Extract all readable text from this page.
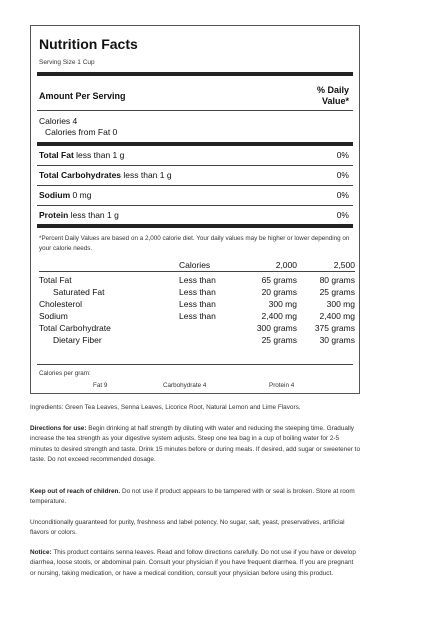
Nutrition Facts
Serving Size 1 Cup
Amount Per Serving
% Daily
Value*
Calories 4
Calories from Fat 0
Total Fat less than 1 g	0%
Total Carbohydrates less than 1 g	0%
Sodium 0 mg	0%
Protein less than 1 g	0%
*Percent Daily Values are based on a 2,000 calorie diet. Your daily values may be higher or lower depending on your calorie needs.
	Calories	2,000	2,500

Total Fat	Less than	65 grams	80 grams
Saturated Fat	Less than	20 grams	25 grams
Cholesterol	Less than	300 mg	300 mg
Sodium	Less than	2,400 mg	2,400 mg
Total Carbohydrate		300 grams	375 grams
Dietary Fiber		25 grams	30 grams
Calories per gram:
Fat 9	Carbohydrate 4	Protein 4
Ingredients: Green Tea Leaves, Senna Leaves, Licorice Root, Natural Lemon and Lime Flavors.
Directions for use: Begin drinking at half strength by diluting with water and reducing the steeping time. Gradually increase the tea strength as your digestive system adjusts. Steep one tea bag in a cup of boiling water for 2-5 minutes to desired strength and taste. Drink 15 minutes before or during meals. If desired, add sugar or sweetener to taste. Do not exceed recommended dosage.
Keep out of reach of children. Do not use if product appears to be tampered with or seal is broken. Store at room temperature.
Unconditionally guaranteed for purity, freshness and label potency. No sugar, salt, yeast, preservatives, artificial flavors or colors.
Notice: This product contains senna leaves. Read and follow directions carefully. Do not use if you have or develop diarrhea, loose stools, or abdominal pain. Consult your physician if you have frequent diarrhea. If you are pregnant or nursing, taking medication, or have a medical condition, consult your physician before using this product.
